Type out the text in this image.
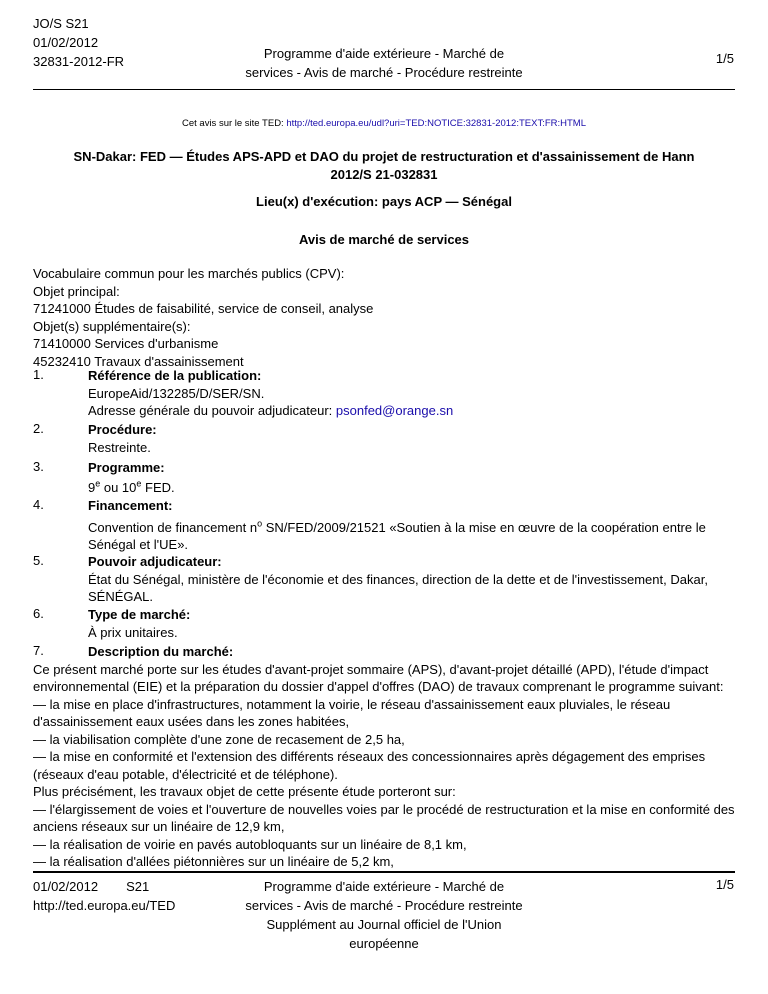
JO/S S21
01/02/2012
32831-2012-FR
Programme d'aide extérieure - Marché de
services - Avis de marché - Procédure restreinte
1/5
Cet avis sur le site TED: http://ted.europa.eu/udl?uri=TED:NOTICE:32831-2012:TEXT:FR:HTML
SN-Dakar: FED — Études APS-APD et DAO du projet de restructuration et d'assainissement de Hann
2012/S 21-032831
Lieu(x) d'exécution: pays ACP — Sénégal
Avis de marché de services
Vocabulaire commun pour les marchés publics (CPV):
Objet principal:
71241000 Études de faisabilité, service de conseil, analyse
Objet(s) supplémentaire(s):
71410000 Services d'urbanisme
45232410 Travaux d'assainissement
1.	Référence de la publication:
EuropeAid/132285/D/SER/SN.
Adresse générale du pouvoir adjudicateur: psonfed@orange.sn
2.	Procédure:
Restreinte.
3.	Programme:
9e ou 10e FED.
4.	Financement:
Convention de financement $n^o$ SN/FED/2009/21521 «Soutien à la mise en œuvre de la coopération entre le Sénégal et l'UE».
5.	Pouvoir adjudicateur:
État du Sénégal, ministère de l'économie et des finances, direction de la dette et de l'investissement, Dakar, SÉNÉGAL.
6.	Type de marché:
À prix unitaires.
7.	Description du marché:
Ce présent marché porte sur les études d'avant-projet sommaire (APS), d'avant-projet détaillé (APD), l'étude d'impact environnemental (EIE) et la préparation du dossier d'appel d'offres (DAO) de travaux comprenant le programme suivant:
— la mise en place d'infrastructures, notamment la voirie, le réseau d'assainissement eaux pluviales, le réseau d'assainissement eaux usées dans les zones habitées,
— la viabilisation complète d'une zone de recasement de 2,5 ha,
— la mise en conformité et l'extension des différents réseaux des concessionnaires après dégagement des emprises (réseaux d'eau potable, d'électricité et de téléphone).
Plus précisément, les travaux objet de cette présente étude porteront sur:
— l'élargissement de voies et l'ouverture de nouvelles voies par le procédé de restructuration et la mise en conformité des anciens réseaux sur un linéaire de 12,9 km,
— la réalisation de voirie en pavés autobloquants sur un linéaire de 8,1 km,
— la réalisation d'allées piétonnières sur un linéaire de 5,2 km,
01/02/2012 S21
http://ted.europa.eu/TED
Programme d'aide extérieure - Marché de
services - Avis de marché - Procédure restreinte
Supplément au Journal officiel de l'Union européenne
1/5
